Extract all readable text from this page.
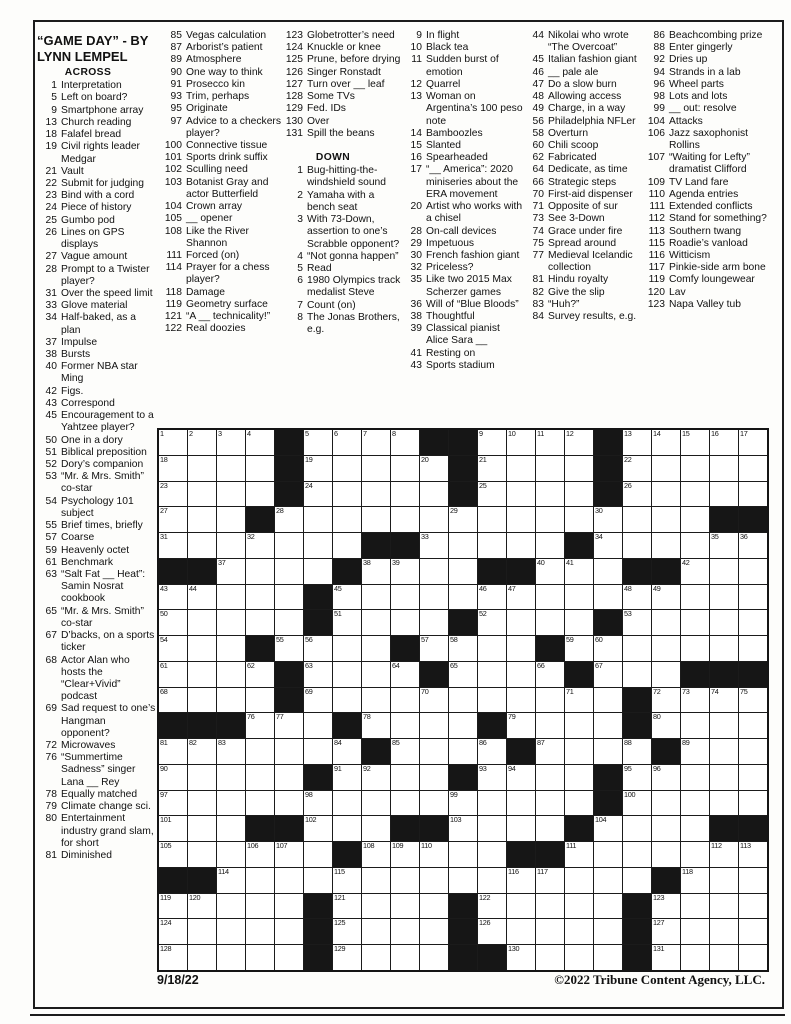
“GAME DAY” - BY
LYNN LEMPEL
ACROSS
1 Interpretation
5 Left on board?
9 Smartphone array
13 Church reading
18 Falafel bread
19 Civil rights leader Medgar
21 Vault
22 Submit for judging
23 Bind with a cord
24 Piece of history
25 Gumbo pod
26 Lines on GPS displays
27 Vague amount
28 Prompt to a Twister player?
31 Over the speed limit
33 Glove material
34 Half-baked, as a plan
37 Impulse
38 Bursts
40 Former NBA star Ming
42 Figs.
43 Correspond
45 Encouragement to a Yahtzee player?
50 One in a dory
51 Biblical preposition
52 Dory’s companion
53 “Mr. & Mrs. Smith” co-star
54 Psychology 101 subject
55 Brief times, briefly
57 Coarse
59 Heavenly octet
61 Benchmark
63 “Salt Fat __ Heat”: Samin Nosrat cookbook
65 “Mr. & Mrs. Smith” co-star
67 D’backs, on a sports ticker
68 Actor Alan who hosts the “Clear+Vivid” podcast
69 Sad request to one’s Hangman opponent?
72 Microwaves
76 “Summertime Sadness” singer Lana __ Rey
78 Equally matched
79 Climate change sci.
80 Entertainment industry grand slam, for short
81 Diminished
85 Vegas calculation
87 Arborist’s patient
89 Atmosphere
90 One way to think
91 Prosecco kin
93 Trim, perhaps
95 Originate
97 Advice to a checkers player?
100 Connective tissue
101 Sports drink suffix
102 Sculling need
103 Botanist Gray and actor Butterfield
104 Crown array
105 __ opener
108 Like the River Shannon
111 Forced (on)
114 Prayer for a chess player?
118 Damage
119 Geometry surface
121 “A __ technicality!”
122 Real doozies
123 Globetrotter’s need
124 Knuckle or knee
125 Prune, before drying
126 Singer Ronstadt
127 Turn over __ leaf
128 Some TVs
129 Fed. IDs
130 Over
131 Spill the beans
DOWN
1 Bug-hitting-the-windshield sound
2 Yamaha with a bench seat
3 With 73-Down, assertion to one’s Scrabble opponent?
4 “Not gonna happen”
5 Read
6 1980 Olympics track medalist Steve
7 Count (on)
8 The Jonas Brothers, e.g.
9 In flight
10 Black tea
11 Sudden burst of emotion
12 Quarrel
13 Woman on Argentina’s 100 peso note
14 Bamboozles
15 Slanted
16 Spearheaded
17 “__ America”: 2020 miniseries about the ERA movement
20 Artist who works with a chisel
28 On-call devices
29 Impetuous
30 French fashion giant
32 Priceless?
35 Like two 2015 Max Scherzer games
36 Will of “Blue Bloods”
38 Thoughtful
39 Classical pianist Alice Sara __
41 Resting on
43 Sports stadium
44 Nikolai who wrote “The Overcoat”
45 Italian fashion giant
46 __ pale ale
47 Do a slow burn
48 Allowing access
49 Charge, in a way
56 Philadelphia NFLer
58 Overturn
60 Chili scoop
62 Fabricated
64 Dedicate, as time
66 Strategic steps
70 First-aid dispenser
71 Opposite of sur
73 See 3-Down
74 Grace under fire
75 Spread around
77 Medieval Icelandic collection
81 Hindu royalty
82 Give the slip
83 “Huh?”
84 Survey results, e.g.
86 Beachcombing prize
88 Enter gingerly
92 Dries up
94 Strands in a lab
96 Wheel parts
98 Lots and lots
99 __ out: resolve
104 Attacks
106 Jazz saxophonist Rollins
107 “Waiting for Lefty” dramatist Clifford
109 TV Land fare
110 Agenda entries
111 Extended conflicts
112 Stand for something?
113 Southern twang
115 Roadie’s vanload
116 Witticism
117 Pinkie-side arm bone
119 Comfy loungewear
120 Lav
123 Napa Valley tub
1	2	3	4	5	6	7	8	9	10	11	12	13	14	15	16	17
18	19	20	21	22
23	24	25	26
27	28	29	30
31	32	33	34	35	36
37	38	39	40	41	42
43	44	45	46	47	48	49
50	51	52	53
54	55	56	57	58	59	60
61	62	63	64	65	66	67
68	69	70	71	72	73	74	75
76	77	78	79	80
81	82	83	84	85	86	87	88	89
90	91	92	93	94	95	96
97	98	99	100
101	102	103	104
105	106 107	108 109 110	111	112	113
114	115	116	117	118
119	120	121	122	123
124	125	126	127
128	129	130	131
9/18/22	©2022 Tribune Content Agency, LLC.
